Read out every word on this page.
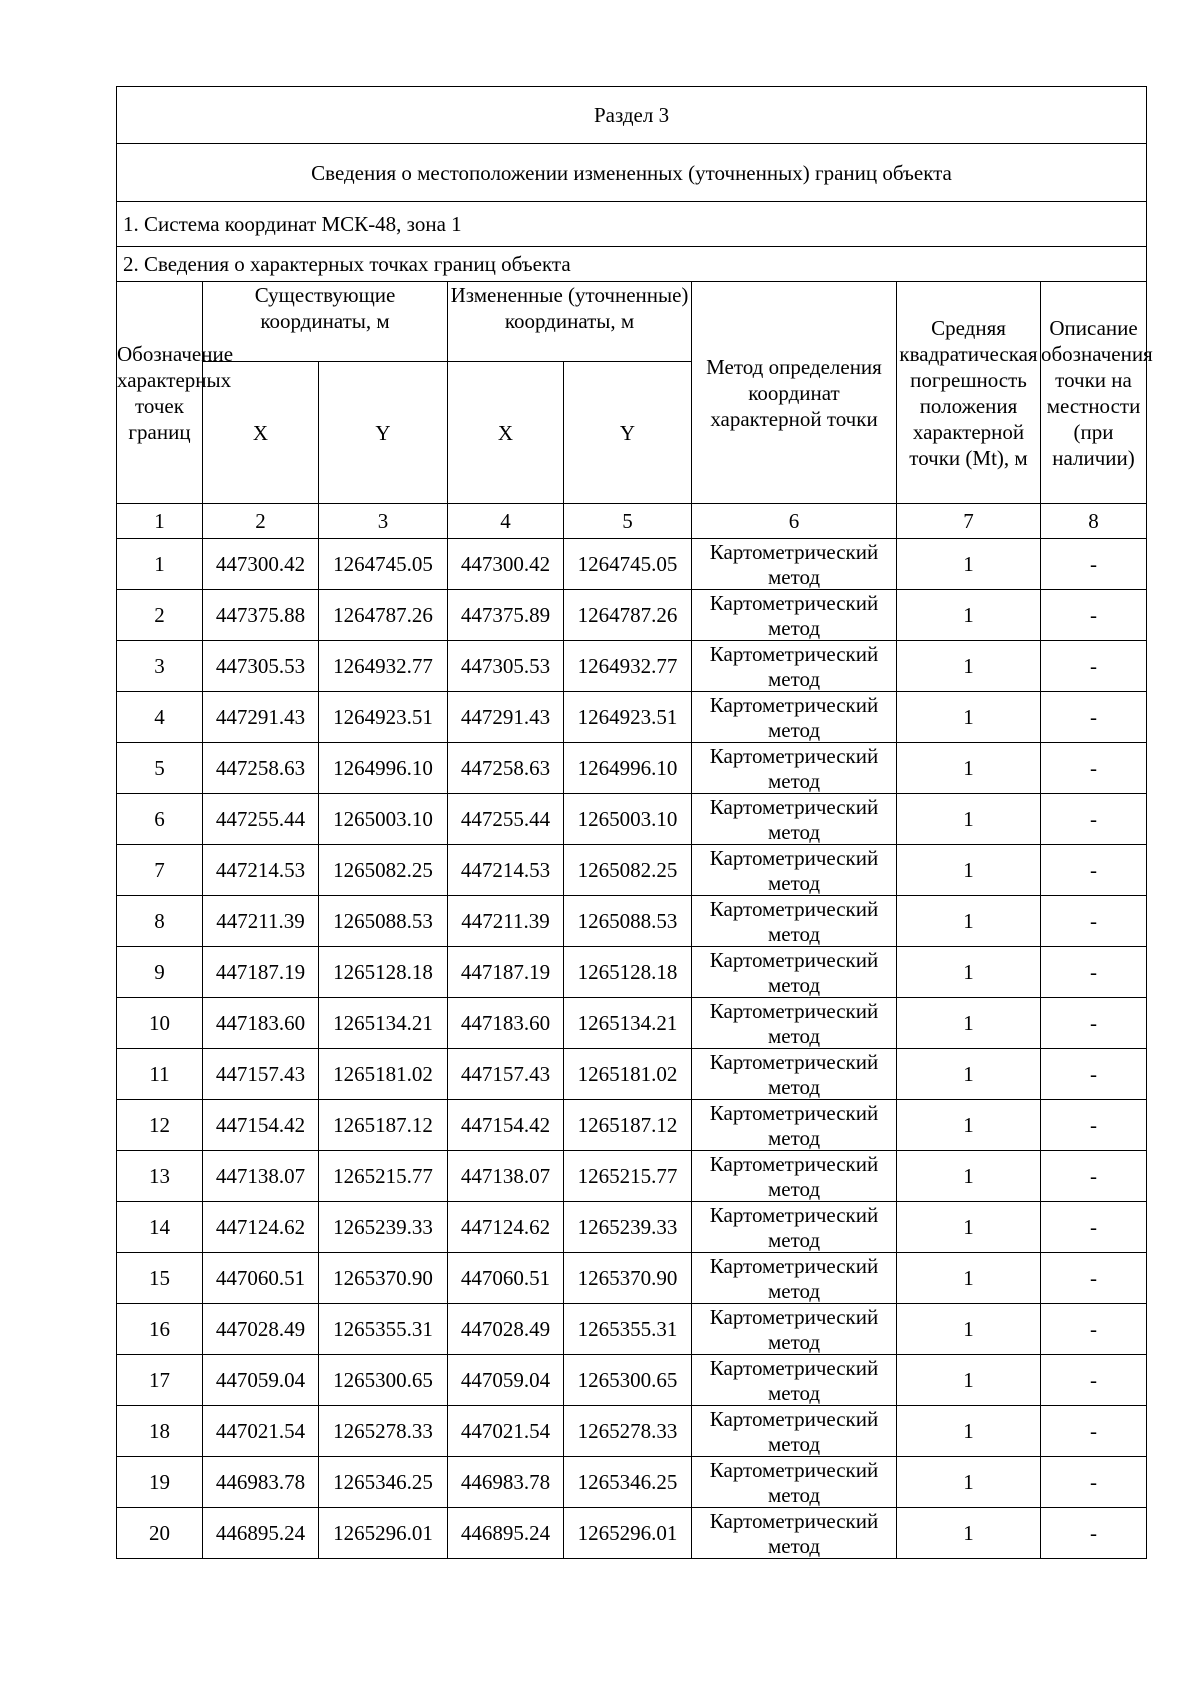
Раздел 3							
Сведения о местоположении измененных (уточненных) границ объекта							
1. Система координат МСК-48, зона 1							
2. Сведения о характерных точках границ объекта							
Обозначение характерных точек границ	Существующие координаты, м		Измененные (уточненные) координаты, м		Метод определения координат характерной точки	Средняя квадратическая погрешность положения характерной точки (Mt), м	Описание обозначения точки на местности (при наличии)
	X	Y	X	Y			
1	2	3	4	5	6	7	8
1	447300.42	1264745.05	447300.42	1264745.05	Картометрический метод	1	-
2	447375.88	1264787.26	447375.89	1264787.26	Картометрический метод	1	-
3	447305.53	1264932.77	447305.53	1264932.77	Картометрический метод	1	-
4	447291.43	1264923.51	447291.43	1264923.51	Картометрический метод	1	-
5	447258.63	1264996.10	447258.63	1264996.10	Картометрический метод	1	-
6	447255.44	1265003.10	447255.44	1265003.10	Картометрический метод	1	-
7	447214.53	1265082.25	447214.53	1265082.25	Картометрический метод	1	-
8	447211.39	1265088.53	447211.39	1265088.53	Картометрический метод	1	-
9	447187.19	1265128.18	447187.19	1265128.18	Картометрический метод	1	-
10	447183.60	1265134.21	447183.60	1265134.21	Картометрический метод	1	-
11	447157.43	1265181.02	447157.43	1265181.02	Картометрический метод	1	-
12	447154.42	1265187.12	447154.42	1265187.12	Картометрический метод	1	-
13	447138.07	1265215.77	447138.07	1265215.77	Картометрический метод	1	-
14	447124.62	1265239.33	447124.62	1265239.33	Картометрический метод	1	-
15	447060.51	1265370.90	447060.51	1265370.90	Картометрический метод	1	-
16	447028.49	1265355.31	447028.49	1265355.31	Картометрический метод	1	-
17	447059.04	1265300.65	447059.04	1265300.65	Картометрический метод	1	-
18	447021.54	1265278.33	447021.54	1265278.33	Картометрический метод	1	-
19	446983.78	1265346.25	446983.78	1265346.25	Картометрический метод	1	-
20	446895.24	1265296.01	446895.24	1265296.01	Картометрический метод	1	-
